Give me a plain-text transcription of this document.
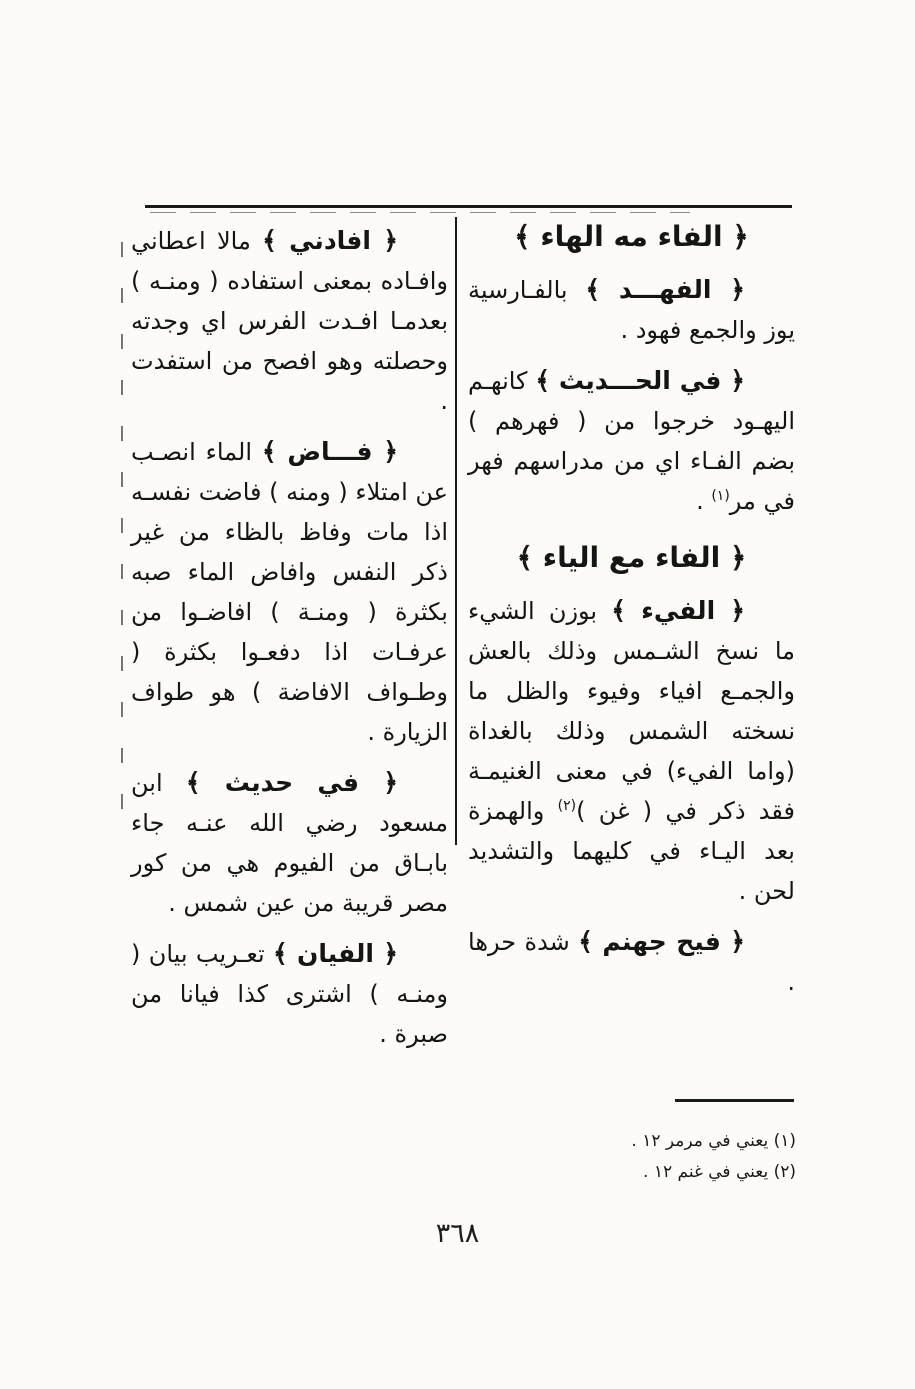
﴿ الفاء مه الهاء ﴾

﴿ الفهـــد ﴾ بالفـارسية يوز والجمع فهود .

﴿ في الحـــديث ﴾ كانهـم اليهـود خرجوا من ( فهرهم ) بضم الفـاء اي من مدراسهم فهر في مر$^{(١)}$ .

﴿ الفاء مع الياء ﴾

﴿ الفيء ﴾ بوزن الشيء ما نسخ الشـمس وذلك بالعش والجمـع افياء وفيوء والظل ما نسخته الشمس وذلك بالغداة (واما الفيء) في معنى الغنيمـة فقد ذكر في ( غن )$^{(٢)}$ والهمزة بعد اليـاء في كليهما والتشديد لحن .

﴿ فيح جهنم ﴾ شدة حرها .

﴿ افادني ﴾ مالا اعطاني وافـاده بمعنى استفاده ( ومنـه ) بعدمـا افـدت الفرس اي وجدته وحصلته وهو افصح من استفدت .

﴿ فـــاض ﴾ الماء انصـب عن امتلاء ( ومنه ) فاضت نفسـه اذا مات وفاظ بالظاء من غير ذكر النفس وافاض الماء صبه بكثرة ( ومنـة ) افاضـوا من عرفـات اذا دفعـوا بكثرة ( وطـواف الافاضة ) هو طواف الزيارة .

﴿ في حديث ﴾ ابن مسعود رضي الله عنـه جاء بابـاق من الفيوم هي من كور مصر قريبة من عين شمس .

﴿ الفيان ﴾ تعـريب بيان ( ومنـه ) اشترى كذا فيانا من صبرة .

(١) يعني في مرمر ١٢ .
(٢) يعني في غنم ١٢ .
٣٦٨
